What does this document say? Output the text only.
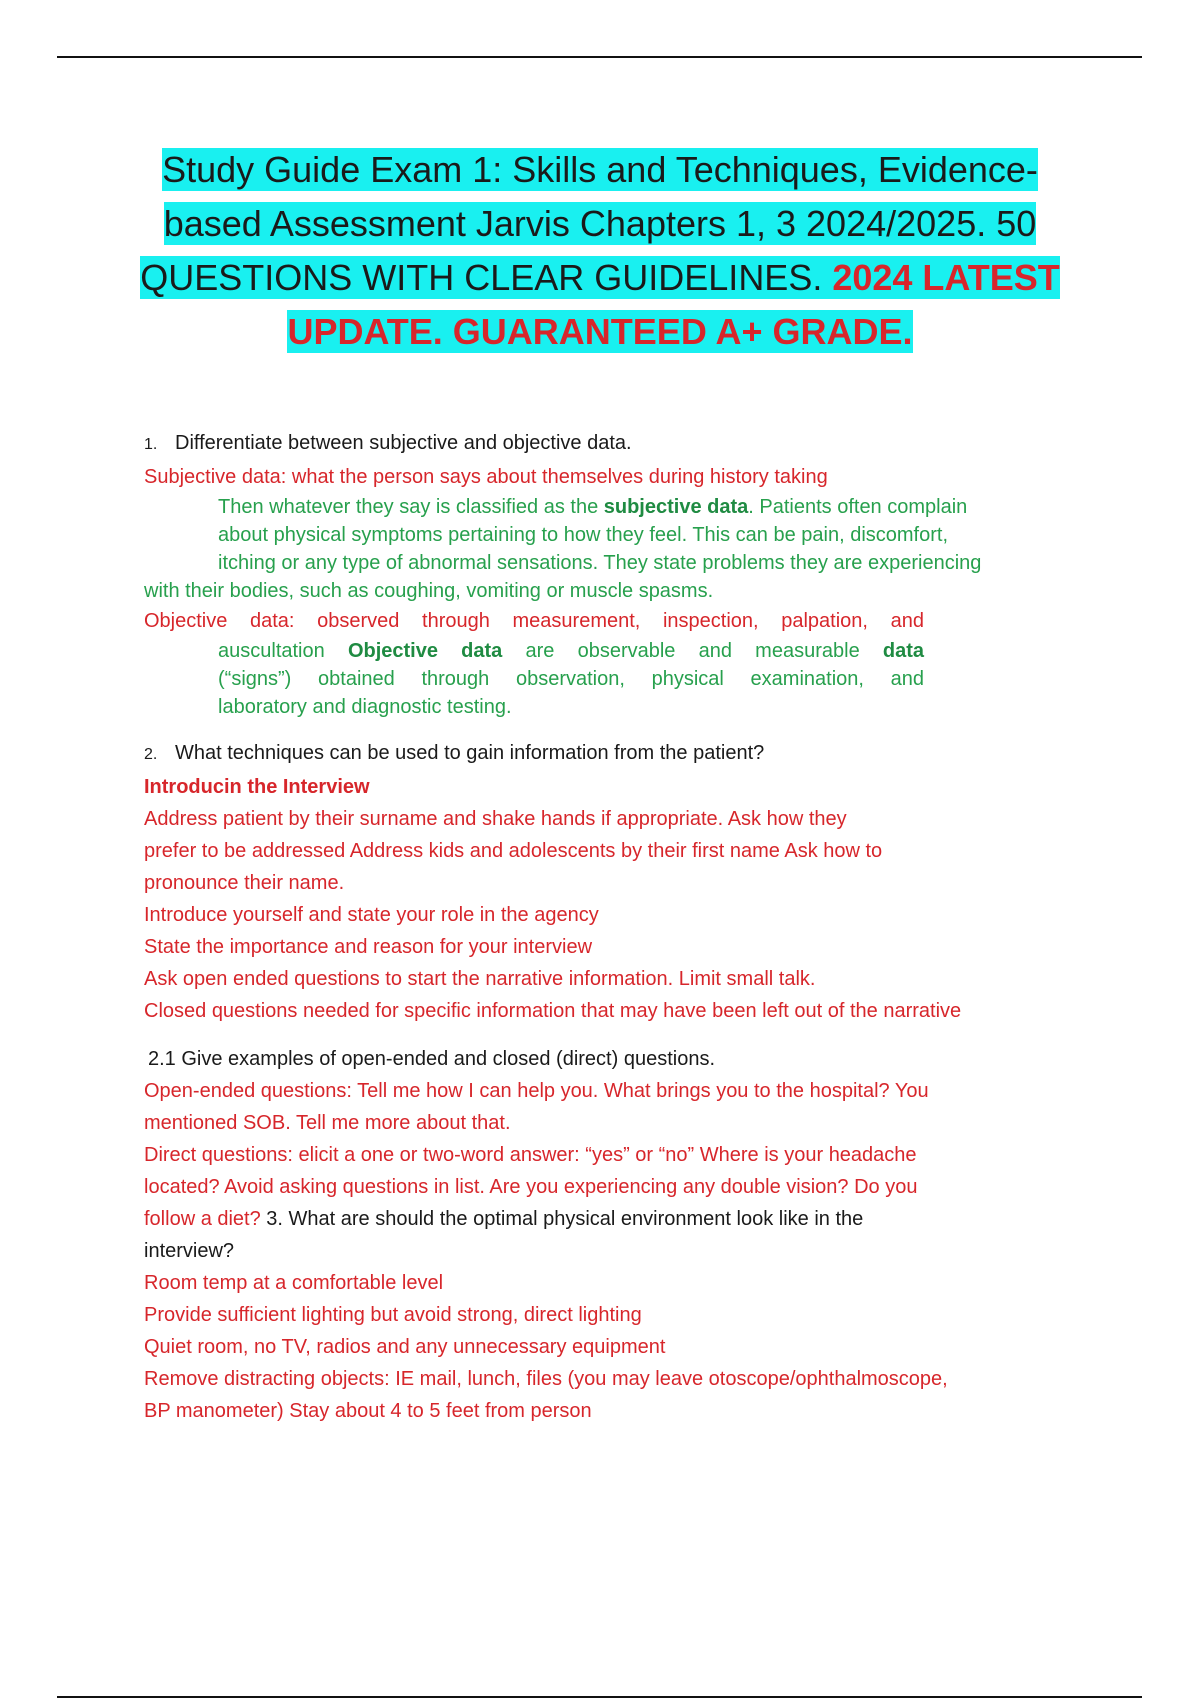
Study Guide Exam 1: Skills and Techniques, Evidence-
based Assessment Jarvis Chapters 1, 3 2024/2025. 50
QUESTIONS WITH CLEAR GUIDELINES. 2024 LATEST
UPDATE. GUARANTEED A+ GRADE.

1. Differentiate between subjective and objective data.

Subjective data: what the person says about themselves during history taking

Then whatever they say is classified as the subjective data. Patients often complain

about physical symptoms pertaining to how they feel. This can be pain, discomfort,

itching or any type of abnormal sensations. They state problems they are experiencing

with their bodies, such as coughing, vomiting or muscle spasms.

Objective data: observed through measurement, inspection, palpation, and

auscultation Objective data are observable and measurable data

(“signs”) obtained through observation, physical examination, and

laboratory and diagnostic testing.

2. What techniques can be used to gain information from the patient?

Introducin the Interview

Address patient by their surname and shake hands if appropriate. Ask how they

prefer to be addressed Address kids and adolescents by their first name Ask how to

pronounce their name.

Introduce yourself and state your role in the agency

State the importance and reason for your interview

Ask open ended questions to start the narrative information. Limit small talk.

Closed questions needed for specific information that may have been left out of the narrative

2.1 Give examples of open-ended and closed (direct) questions.

Open-ended questions: Tell me how I can help you. What brings you to the hospital? You

mentioned SOB. Tell me more about that.

Direct questions: elicit a one or two-word answer: “yes” or “no” Where is your headache

located? Avoid asking questions in list. Are you experiencing any double vision? Do you

follow a diet? 3. What are should the optimal physical environment look like in the

interview?

Room temp at a comfortable level

Provide sufficient lighting but avoid strong, direct lighting

Quiet room, no TV, radios and any unnecessary equipment

Remove distracting objects: IE mail, lunch, files (you may leave otoscope/ophthalmoscope,

BP manometer) Stay about 4 to 5 feet from person
